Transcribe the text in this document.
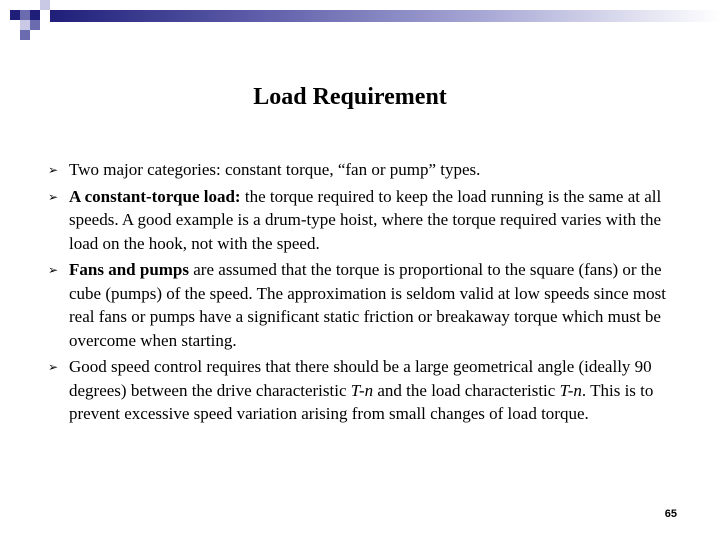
Load Requirement
➢ Two major categories: constant torque, “fan or pump” types.
➢ A constant-torque load: the torque required to keep the load running is the same at all speeds. A good example is a drum-type hoist, where the torque required varies with the load on the hook, not with the speed.
➢ Fans and pumps are assumed that the torque is proportional to the square (fans) or the cube (pumps) of the speed. The approximation is seldom valid at low speeds since most real fans or pumps have a significant static friction or breakaway torque which must be overcome when starting.
➢ Good speed control requires that there should be a large geometrical angle (ideally 90 degrees) between the drive characteristic T-n and the load characteristic T-n. This is to prevent excessive speed variation arising from small changes of load torque.
65
